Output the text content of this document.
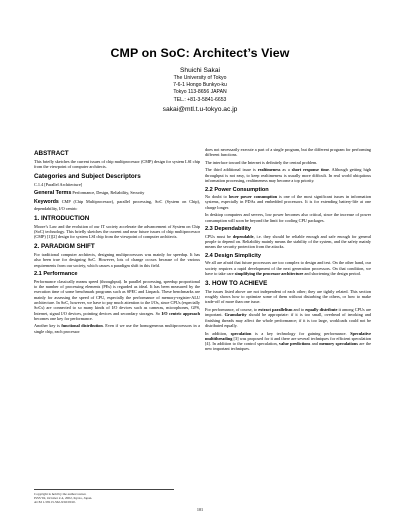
CMP on SoC: Architect’s View
Shuichi Sakai
The University of Tokyo
7-6-1 Hongo Bunkyo-ku
Tokyo 113-8656 JAPAN
TEL.: +81-3-5841-6653
sakai@mtl.t.u-tokyo.ac.jp
ABSTRACT

This briefly sketches the current issues of chip multiprocessor (CMP) design for system LSI chip from the viewpoint of computer architects.

Categories and Subject Descriptors

C.1.4 [Parallel Architecture]

General Terms Performance, Design, Reliability, Security

Keywords CMP (Chip Multiprocessor), parallel processing, SoC (System on Chip), dependability, I/O centric

1. INTRODUCTION

Moore’s Law and the evolution of our IT society accelerate the advancement of System on Chip (SoC) technology. This briefly sketches the current and near future issues of chip multiprocessor (CMP) [1][2] design for system LSI chip from the viewpoint of computer architects.

2. PARADIGM SHIFT

For traditional computer architects, designing multiprocessors was mainly for speedup. It has also been true for designing SoC. However, lots of change occurs because of the various requirements from our society, which causes a paradigm shift in this field.

2.1 Performance

Performance classically means speed (throughput). In parallel processing, speedup proportional to the number of processing elements (PEs) is regarded as ideal. It has been measured by the execution time of some benchmark programs such as SPEC and Linpack. These benchmarks are mainly for assessing the speed of CPU, especially the performance of memory-register-ALU architecture. In SoC, however, we have to pay much attention to the I/Os, since CPUs (especially SoCs) are connected to so many kinds of I/O devices such as cameras, microphones, GPS, Internet, signal I/O devices, pointing devices and secondary storages. So I/O centric approach becomes one key for performance.

Another key is functional distribution. Even if we use the homogeneous multiprocessors in a single chip, each processor

does not necessarily execute a part of a single program, but the different program for performing different functions.

The interface toward the Internet is definitely the central problem.

The third additional issue is realtimeness as a short response time. Although getting high throughput is not easy, to keep realtimeness is usually more difficult. In real world ubiquitous information processing, realtimeness may become a top priority.

2.2 Power Consumption

No doubt to lower power consumption is one of the most significant issues in information systems, especially in PDAs and embedded processors. It is for extending battery-life at one charge longer.

In desktop computers and servers, low power becomes also critical, since the increase of power consumption will soon be beyond the limit for cooling CPU packages.

2.3 Dependability

CPUs must be dependable, i.e. they should be reliable enough and safe enough for general people to depend on. Reliability mainly means the stability of the system, and the safety mainly means the security protection from the attacks.

2.4 Design Simplicity

We all are afraid that future processors are too complex to design and test. On the other hand, our society requires a rapid development of the next generation processors. On that condition, we have to take care simplifying the processor architecture and shortening the design period.

3. HOW TO ACHIEVE

The issues listed above are not independent of each other; they are tightly related. This section roughly shows how to optimize some of them without disturbing the others, or how to make trade-off of more than one issue.

For performance, of course, to extract parallelism and to equally distribute it among CPUs are important. Granularity should be appropriate: if it is too small, overhead of invoking and finishing threads may affect the whole performance; if it is too large, workloads could not be distributed equally.

In addition, speculation is a key technology for gaining performance. Speculative multithreading [3] was proposed for it and there are several techniques for efficient speculation [4]. In addition to the control speculation, value predictions and memory speculations are the new important techniques.

Copyright is held by the author/owner.
ISSS’02, October 2-4, 2002, Kyoto, Japan.
ACM 1-58113-562-9/02/0010.
101
